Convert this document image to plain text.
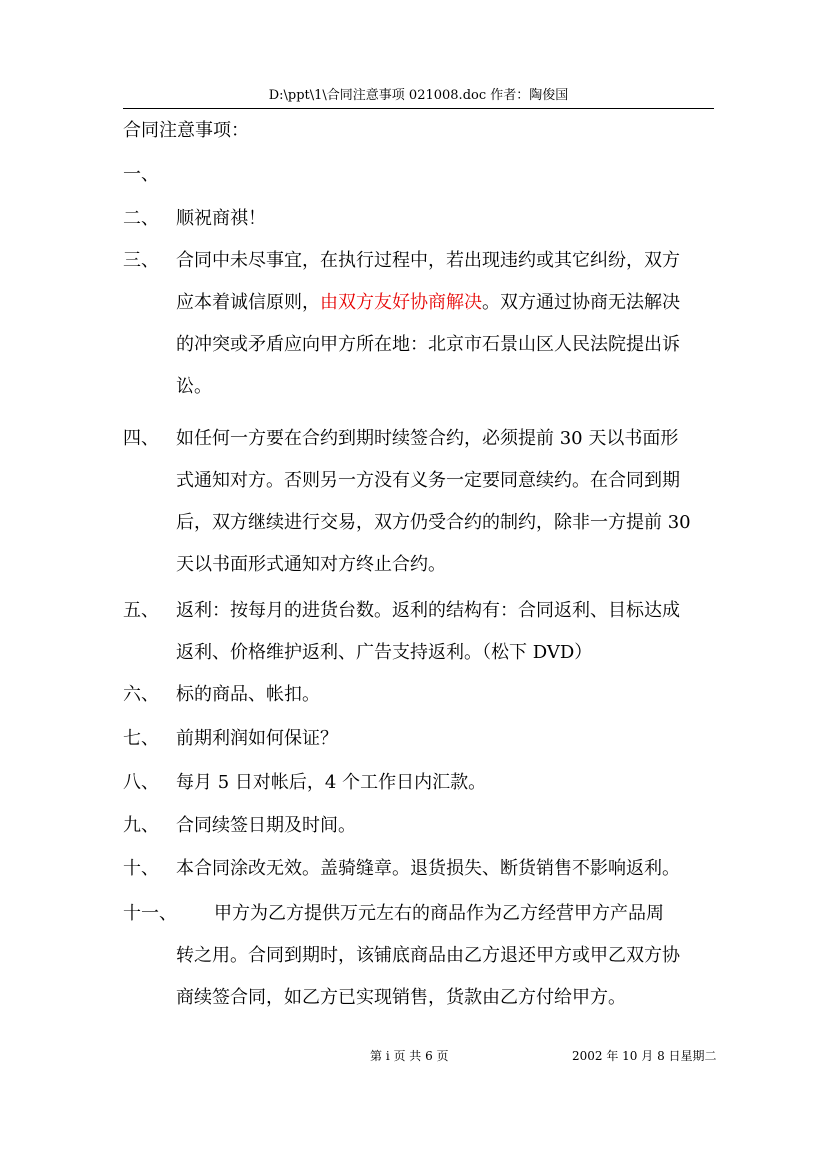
D:\ppt\1\合同注意事项 021008.doc 作者：陶俊国
合同注意事项：
一、
二、 顺祝商祺！
三、 合同中未尽事宜，在执行过程中，若出现违约或其它纠纷，双方
应本着诚信原则，由双方友好协商解决。双方通过协商无法解决
的冲突或矛盾应向甲方所在地：北京市石景山区人民法院提出诉
讼。
四、 如任何一方要在合约到期时续签合约，必须提前 30 天以书面形
式通知对方。否则另一方没有义务一定要同意续约。在合同到期
后，双方继续进行交易，双方仍受合约的制约，除非一方提前 30
天以书面形式通知对方终止合约。
五、 返利：按每月的进货台数。返利的结构有：合同返利、目标达成
返利、价格维护返利、广告支持返利。（松下 DVD）
六、 标的商品、帐扣。
七、 前期利润如何保证？
八、 每月 5 日对帐后，4 个工作日内汇款。
九、 合同续签日期及时间。
十、 本合同涂改无效。盖骑缝章。退货损失、断货销售不影响返利。
十一、 甲方为乙方提供万元左右的商品作为乙方经营甲方产品周
转之用。合同到期时，该铺底商品由乙方退还甲方或甲乙双方协
商续签合同，如乙方已实现销售，货款由乙方付给甲方。
第 i 页 共 6 页	2002 年 10 月 8 日星期二
